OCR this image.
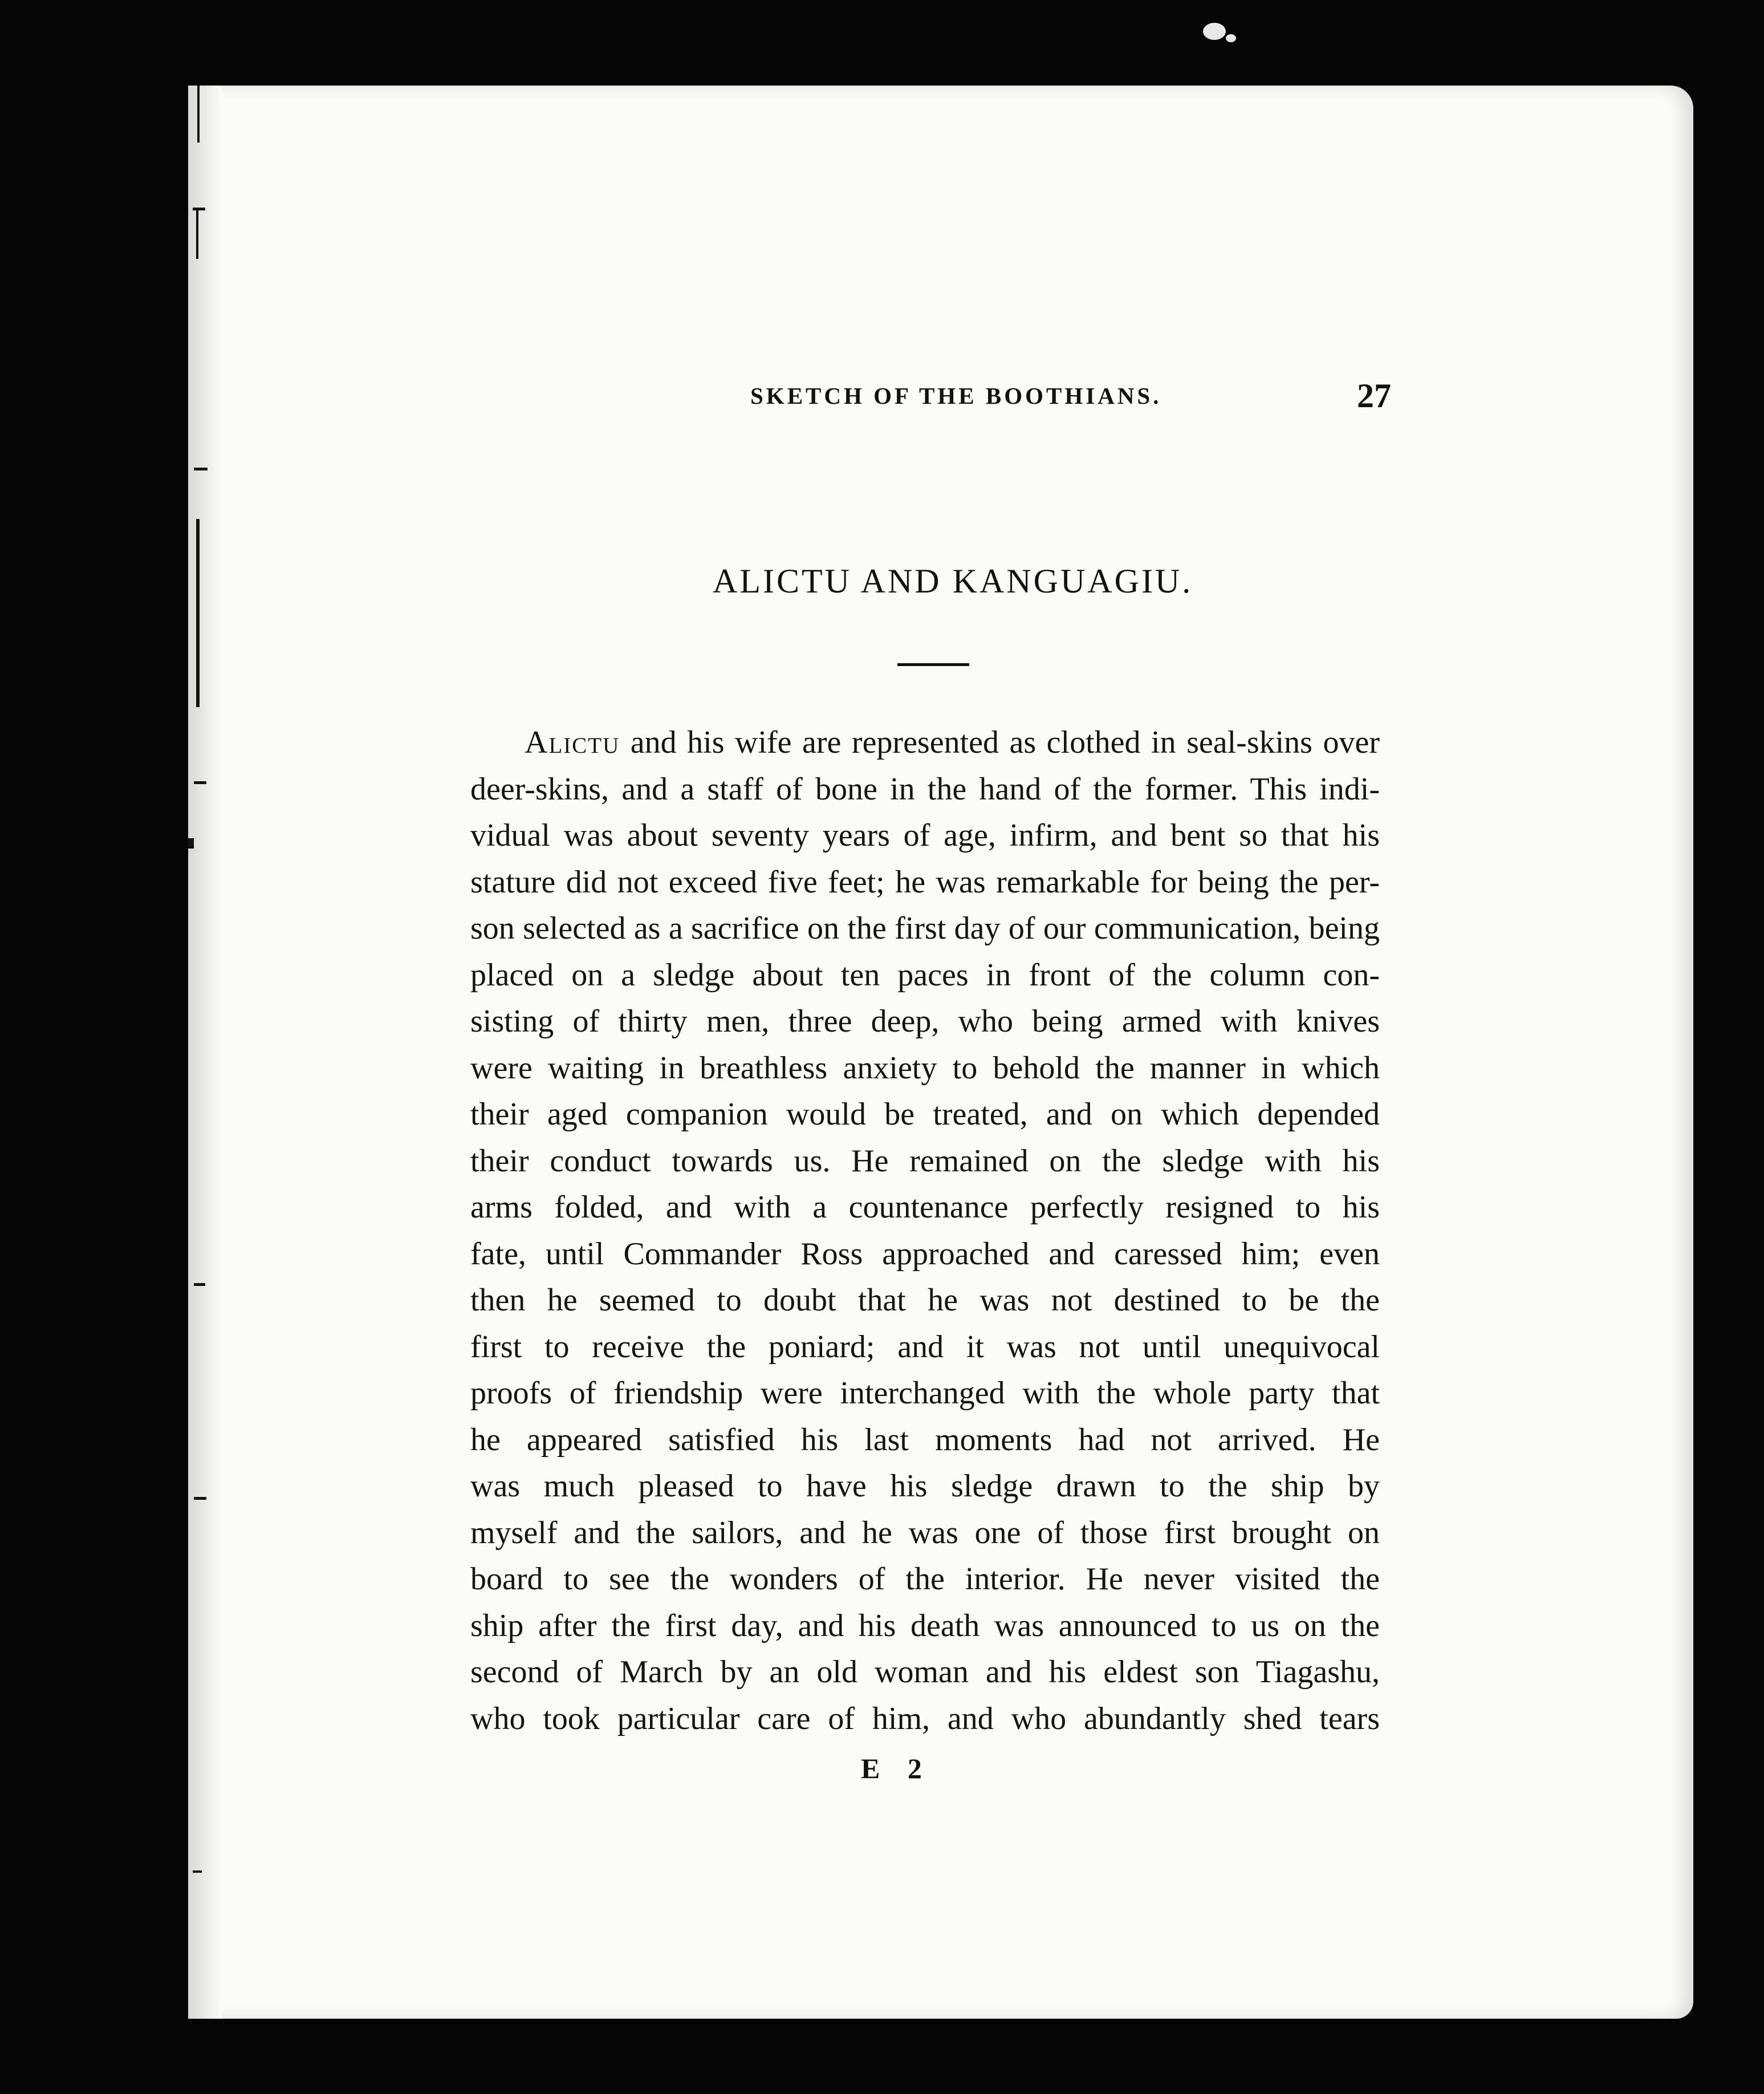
SKETCH OF THE BOOTHIANS.	27
ALICTU AND KANGUAGIU.
Alictu and his wife are represented as clothed in seal-skins over
deer-skins, and a staff of bone in the hand of the former. This indi-
vidual was about seventy years of age, infirm, and bent so that his
stature did not exceed five feet; he was remarkable for being the per-
son selected as a sacrifice on the first day of our communication, being
placed on a sledge about ten paces in front of the column con-
sisting of thirty men, three deep, who being armed with knives
were waiting in breathless anxiety to behold the manner in which
their aged companion would be treated, and on which depended
their conduct towards us. He remained on the sledge with his
arms folded, and with a countenance perfectly resigned to his
fate, until Commander Ross approached and caressed him; even
then he seemed to doubt that he was not destined to be the
first to receive the poniard; and it was not until unequivocal
proofs of friendship were interchanged with the whole party that
he appeared satisfied his last moments had not arrived. He
was much pleased to have his sledge drawn to the ship by
myself and the sailors, and he was one of those first brought on
board to see the wonders of the interior. He never visited the
ship after the first day, and his death was announced to us on the
second of March by an old woman and his eldest son Tiagashu,
who took particular care of him, and who abundantly shed tears
E 2
